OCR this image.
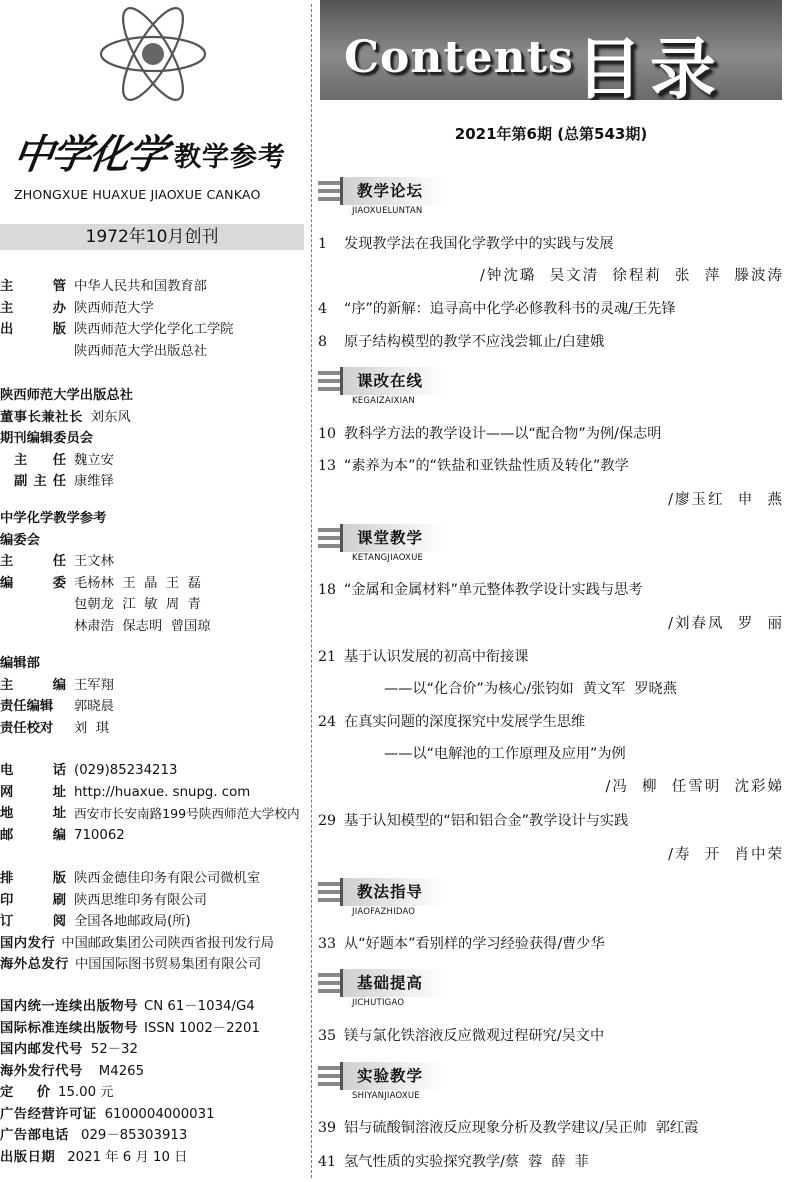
中学化学 教学参考
ZHONGXUE HUAXUE JIAOXUE CANKAO
1972年10月创刊
主	管 中华人民共和国教育部
主	办 陕西师范大学
出	版 陕西师范大学化学化工学院
陕西师范大学出版总社
陕西师范大学出版总社
董事长兼社长 刘东风
期刊编辑委员会
主 任 魏立安
副 主 任 康维铎
中学化学教学参考
编委会
主	任 王文林
编	委 毛杨林  王  晶  王  磊
包朝龙  江  敏  周  青
林肃浩  保志明  曾国琼
编辑部
主	编 王军翔
责任编辑	郭晓晨
责任校对	刘  琪
电	话 (029)85234213
网	址 http://huaxue. snupg. com
地	址 西安市长安南路199号陕西师范大学校内
邮	编 710062
排	版 陕西金德佳印务有限公司微机室
印	刷 陕西思维印务有限公司
订	阅 全国各地邮政局(所)
国内发行 中国邮政集团公司陕西省报刊发行局
海外总发行 中国国际图书贸易集团有限公司
国内统一连续出版物号 CN 61－1034/G4
国际标准连续出版物号 ISSN 1002－2201
国内邮发代号 52－32
海外发行代号 M4265
定 价 15.00 元
广告经营许可证 6100004000031
广告部电话 029－85303913
出版日期 2021 年 6 月 10 日
Contents 目录
2021年第6期 (总第543期)
教学论坛
JIAOXUELUNTAN
课改在线
KEGAIZAIXIAN
课堂教学
KETANGJIAOXUE
教法指导
JIAOFAZHIDAO
基础提高
JICHUTIGAO
实验教学
SHIYANJIAOXUE
1 发现教学法在我国化学教学中的实践与发展
/钟沈璐  吴文清  徐程莉  张  萍  滕波涛
4 “序”的新解：追寻高中化学必修教科书的灵魂/王先锋
8 原子结构模型的教学不应浅尝辄止/白建娥
10 教科学方法的教学设计——以“配合物”为例/保志明
13 “素养为本”的“铁盐和亚铁盐性质及转化”教学
/廖玉红  申  燕
18 “金属和金属材料”单元整体教学设计实践与思考
/刘春凤  罗  丽
21 基于认识发展的初高中衔接课
——以“化合价”为核心/张钧如  黄文军  罗晓燕
24 在真实问题的深度探究中发展学生思维
——以“电解池的工作原理及应用”为例
/冯  柳  任雪明  沈彩娣
29 基于认知模型的“铝和铝合金”教学设计与实践
/寿  开  肖中荣
33 从“好题本”看别样的学习经验获得/曹少华
35 镁与氯化铁溶液反应微观过程研究/吴文中
39 铝与硫酸铜溶液反应现象分析及教学建议/吴正帅  郭红霞
41 氢气性质的实验探究教学/蔡  蓉  薛  菲
